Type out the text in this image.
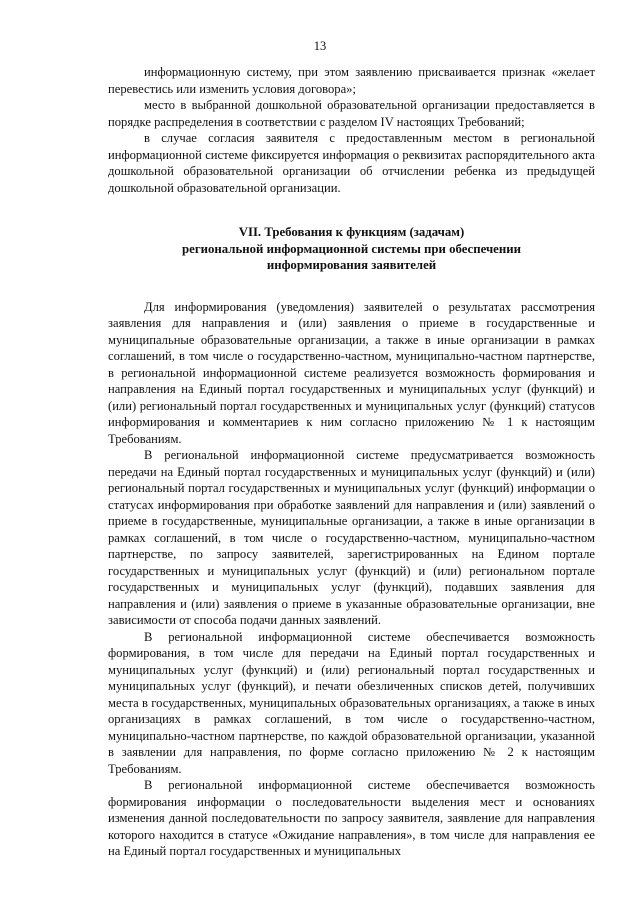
13

информационную систему, при этом заявлению присваивается признак «желает перевестись или изменить условия договора»;

место в выбранной дошкольной образовательной организации предоставляется в порядке распределения в соответствии с разделом IV настоящих Требований;

в случае согласия заявителя с предоставленным местом в региональной информационной системе фиксируется информация о реквизитах распорядительного акта дошкольной образовательной организации об отчислении ребенка из предыдущей дошкольной образовательной организации.

VII. Требования к функциям (задачам)
региональной информационной системы при обеспечении
информирования заявителей

Для информирования (уведомления) заявителей о результатах рассмотрения заявления для направления и (или) заявления о приеме в государственные и муниципальные образовательные организации, а также в иные организации в рамках соглашений, в том числе о государственно-частном, муниципально-частном партнерстве, в региональной информационной системе реализуется возможность формирования и направления на Единый портал государственных и муниципальных услуг (функций) и (или) региональный портал государственных и муниципальных услуг (функций) статусов информирования и комментариев к ним согласно приложению № 1 к настоящим Требованиям.

В региональной информационной системе предусматривается возможность передачи на Единый портал государственных и муниципальных услуг (функций) и (или) региональный портал государственных и муниципальных услуг (функций) информации о статусах информирования при обработке заявлений для направления и (или) заявлений о приеме в государственные, муниципальные организации, а также в иные организации в рамках соглашений, в том числе о государственно-частном, муниципально-частном партнерстве, по запросу заявителей, зарегистрированных на Едином портале государственных и муниципальных услуг (функций) и (или) региональном портале государственных и муниципальных услуг (функций), подавших заявления для направления и (или) заявления о приеме в указанные образовательные организации, вне зависимости от способа подачи данных заявлений.

В региональной информационной системе обеспечивается возможность формирования, в том числе для передачи на Единый портал государственных и муниципальных услуг (функций) и (или) региональный портал государственных и муниципальных услуг (функций), и печати обезличенных списков детей, получивших места в государственных, муниципальных образовательных организациях, а также в иных организациях в рамках соглашений, в том числе о государственно-частном, муниципально-частном партнерстве, по каждой образовательной организации, указанной в заявлении для направления, по форме согласно приложению № 2 к настоящим Требованиям.

В региональной информационной системе обеспечивается возможность формирования информации о последовательности выделения мест и основаниях изменения данной последовательности по запросу заявителя, заявление для направления которого находится в статусе «Ожидание направления», в том числе для направления ее на Единый портал государственных и муниципальных
